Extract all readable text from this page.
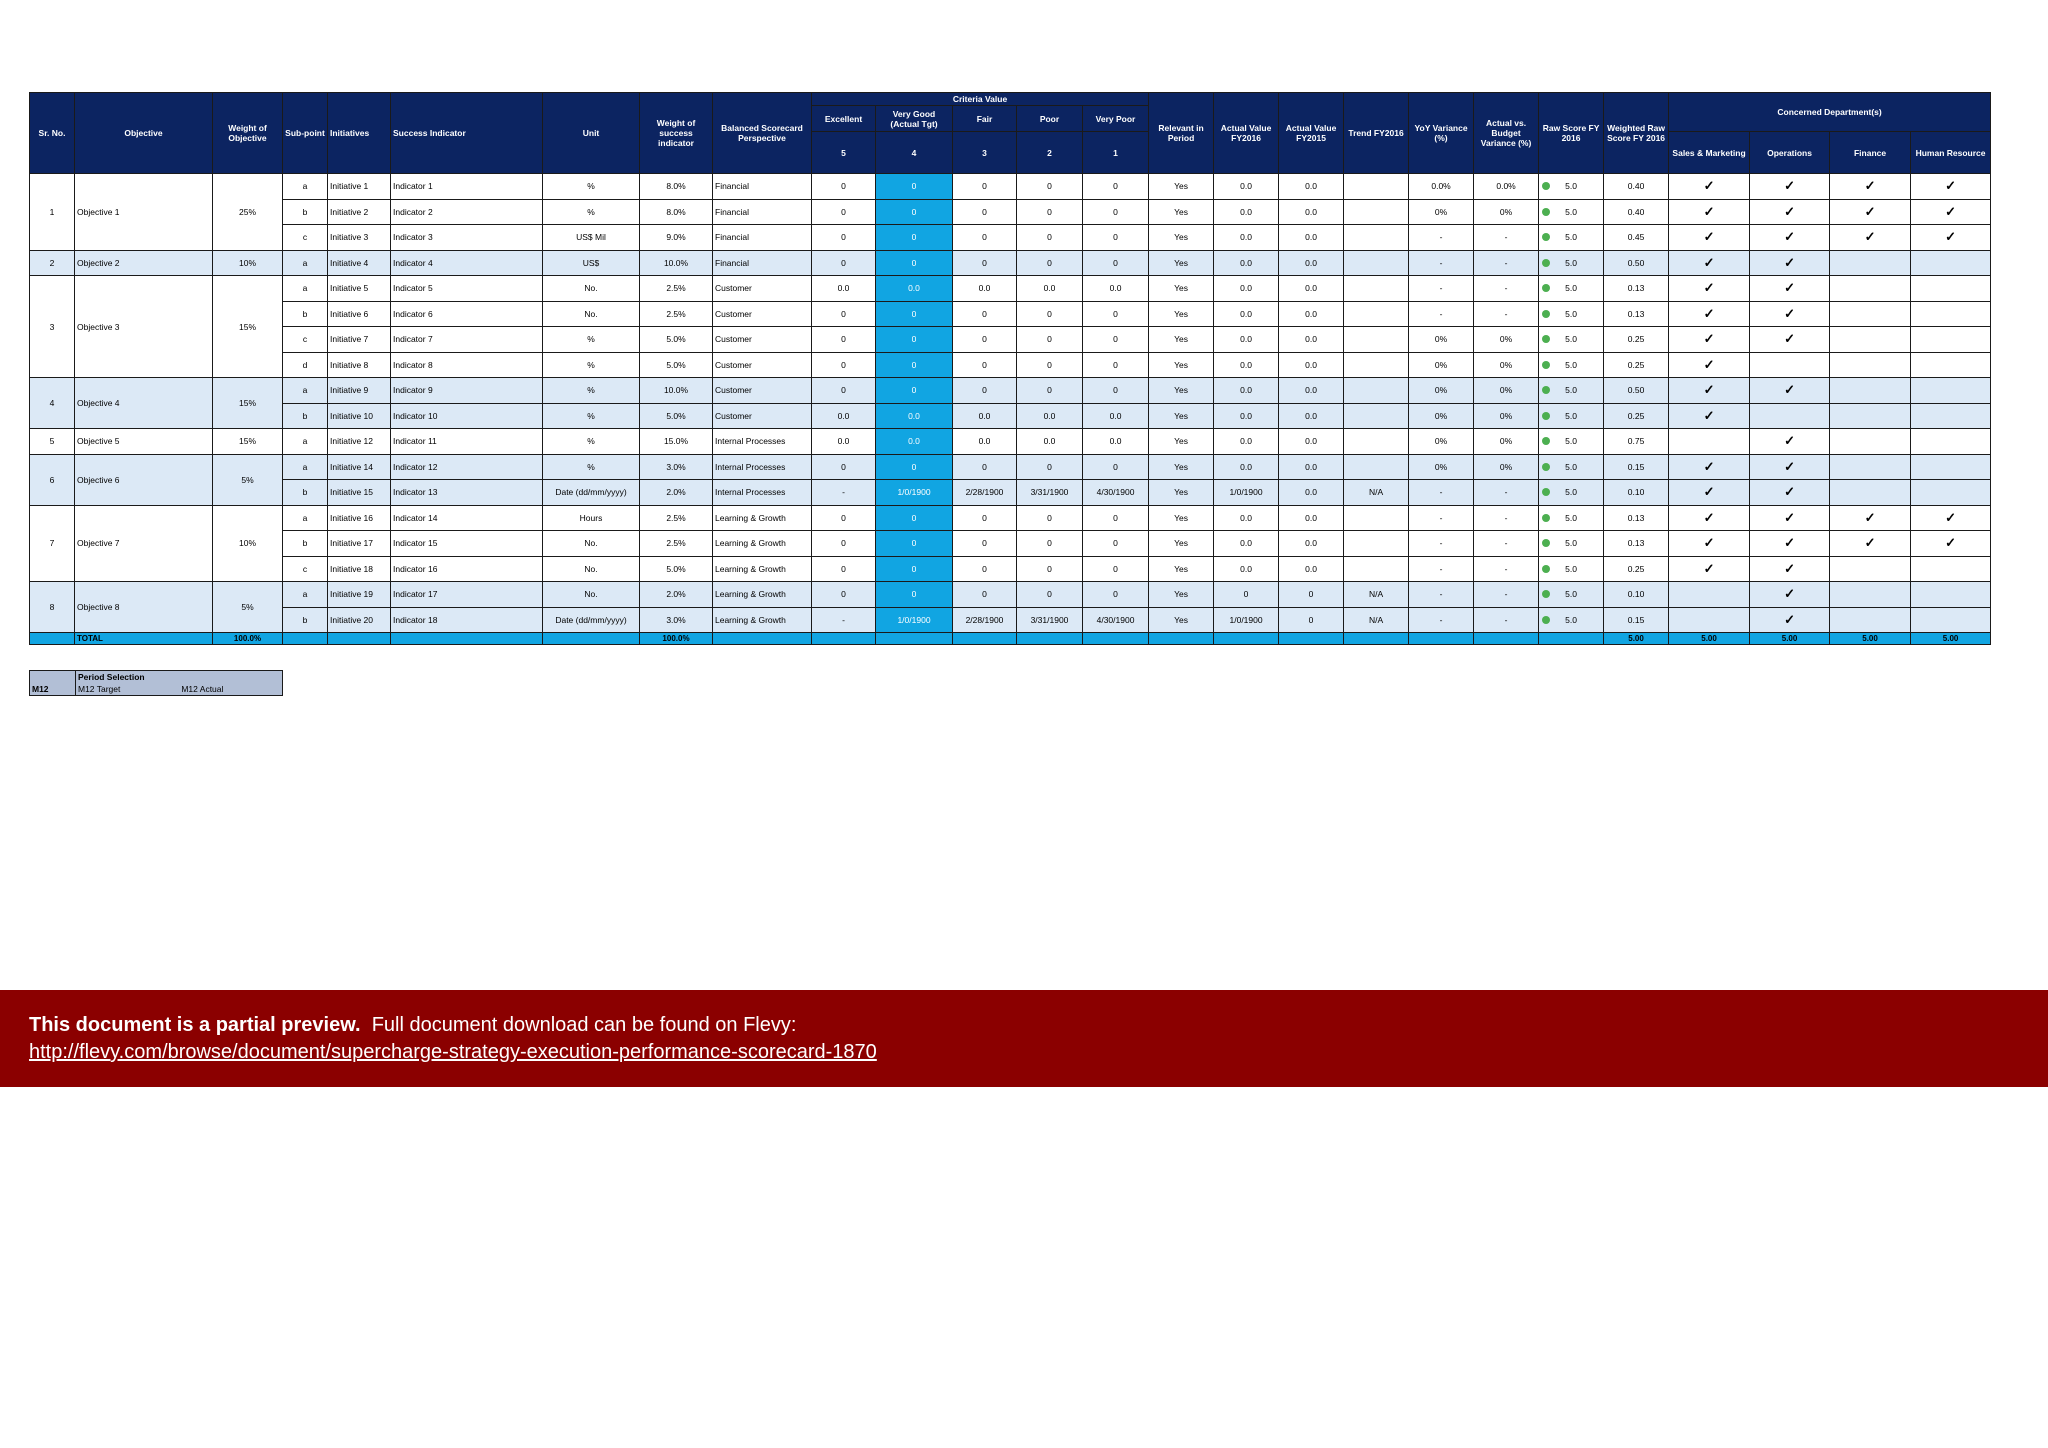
Sr. No.	Objective	Weight of Objective	Sub-point	Initiatives	Success Indicator	Unit	Weight of success indicator	Balanced Scorecard Perspective	Criteria Value					Relevant in Period	Actual Value FY2016	Actual Value FY2015	Trend FY2016	YoY Variance (%)	Actual vs. Budget Variance (%)	Raw Score FY 2016	Weighted Raw Score FY 2016	Concerned Department(s)			
									Excellent	Very Good (Actual Tgt)	Fair	Poor	Very Poor												
									5	4	3	2	1									Sales & Marketing	Operations	Finance	Human Resource
1	Objective 1	25%	a	Initiative 1	Indicator 1	%	8.0%	Financial	0	0	0	0	0	Yes	0.0	0.0		0.0%	0.0%	5.0	0.40	✓	✓	✓	✓
			b	Initiative 2	Indicator 2	%	8.0%	Financial	0	0	0	0	0	Yes	0.0	0.0		0%	0%	5.0	0.40	✓	✓	✓	✓
			c	Initiative 3	Indicator 3	US$ Mil	9.0%	Financial	0	0	0	0	0	Yes	0.0	0.0		-	-	5.0	0.45	✓	✓	✓	✓
2	Objective 2	10%	a	Initiative 4	Indicator 4	US$	10.0%	Financial	0	0	0	0	0	Yes	0.0	0.0		-	-	5.0	0.50	✓	✓		
3	Objective 3	15%	a	Initiative 5	Indicator 5	No.	2.5%	Customer	0.0	0.0	0.0	0.0	0.0	Yes	0.0	0.0		-	-	5.0	0.13	✓	✓		
			b	Initiative 6	Indicator 6	No.	2.5%	Customer	0	0	0	0	0	Yes	0.0	0.0		-	-	5.0	0.13	✓	✓		
			c	Initiative 7	Indicator 7	%	5.0%	Customer	0	0	0	0	0	Yes	0.0	0.0		0%	0%	5.0	0.25	✓	✓		
			d	Initiative 8	Indicator 8	%	5.0%	Customer	0	0	0	0	0	Yes	0.0	0.0		0%	0%	5.0	0.25	✓			
4	Objective 4	15%	a	Initiative 9	Indicator 9	%	10.0%	Customer	0	0	0	0	0	Yes	0.0	0.0		0%	0%	5.0	0.50	✓	✓		
			b	Initiative 10	Indicator 10	%	5.0%	Customer	0.0	0.0	0.0	0.0	0.0	Yes	0.0	0.0		0%	0%	5.0	0.25	✓			
5	Objective 5	15%	a	Initiative 12	Indicator 11	%	15.0%	Internal Processes	0.0	0.0	0.0	0.0	0.0	Yes	0.0	0.0		0%	0%	5.0	0.75		✓		
6	Objective 6	5%	a	Initiative 14	Indicator 12	%	3.0%	Internal Processes	0	0	0	0	0	Yes	0.0	0.0		0%	0%	5.0	0.15	✓	✓		
			b	Initiative 15	Indicator 13	Date (dd/mm/yyyy)	2.0%	Internal Processes	-	1/0/1900	2/28/1900	3/31/1900	4/30/1900	Yes	1/0/1900	0.0	N/A	-	-	5.0	0.10	✓	✓		
7	Objective 7	10%	a	Initiative 16	Indicator 14	Hours	2.5%	Learning & Growth	0	0	0	0	0	Yes	0.0	0.0		-	-	5.0	0.13	✓	✓	✓	✓
			b	Initiative 17	Indicator 15	No.	2.5%	Learning & Growth	0	0	0	0	0	Yes	0.0	0.0		-	-	5.0	0.13	✓	✓	✓	✓
			c	Initiative 18	Indicator 16	No.	5.0%	Learning & Growth	0	0	0	0	0	Yes	0.0	0.0		-	-	5.0	0.25	✓	✓		
8	Objective 8	5%	a	Initiative 19	Indicator 17	No.	2.0%	Learning & Growth	0	0	0	0	0	Yes	0	0	N/A	-	-	5.0	0.10		✓		
			b	Initiative 20	Indicator 18	Date (dd/mm/yyyy)	3.0%	Learning & Growth	-	1/0/1900	2/28/1900	3/31/1900	4/30/1900	Yes	1/0/1900	0	N/A	-	-	5.0	0.15		✓		
	TOTAL	100.0%					100.0%														5.00	5.00	5.00	5.00	5.00
	Period Selection	
M12	M12 Target	M12 Actual
This document is a partial preview. Full document download can be found on Flevy:
http://flevy.com/browse/document/supercharge-strategy-execution-performance-scorecard-1870
